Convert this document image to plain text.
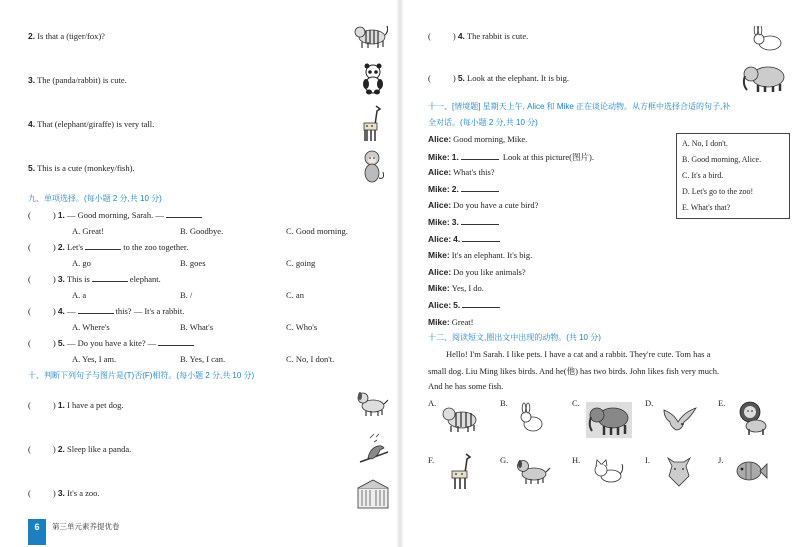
2. Is that a (tiger/fox)?
3. The (panda/rabbit) is cute.
4. That (elephant/giraffe) is very tall.
5. This is a cute (monkey/fish).
九、单项选择。(每小题 2 分,共 10 分)
(	) 1. — Good morning, Sarah. —
A. Great!	B. Goodbye.	C. Good morning.
(	) 2. Let's	to the zoo together.
A. go	B. goes	C. going
(	) 3. This is	elephant.
A. a	B. /	C. an
(	) 4. —	this? — It's a rabbit.
A. Where's	B. What's	C. Who's
(	) 5. — Do you have a kite? —
A. Yes, I am.	B. Yes, I can.	C. No, I don't.
十、判断下列句子与图片是(T)否(F)相符。(每小题 2 分,共 10 分)
(	) 1. I have a pet dog.
(	) 2. Sleep like a panda.
(	) 3. It's a zoo.
6	第三单元素养提优卷
(	) 4. The rabbit is cute.
(	) 5. Look at the elephant. It is big.
十一、[情境题] 星期天上午, Alice 和 Mike 正在谈论动物。从方框中选择合适的句子,补
全对话。(每小题 2 分,共 10 分)
Alice: Good morning, Mike.
Mike: 1.	Look at this picture(图片).
Alice: What's this?
Mike: 2.
Alice: Do you have a cute bird?
Mike: 3.
Alice: 4.
Mike: It's an elephant. It's big.
Alice: Do you like animals?
Mike: Yes, I do.
Alice: 5.
Mike: Great!
A. No, I don't.
B. Good morning, Alice.
C. It's a bird.
D. Let's go to the zoo!
E. What's that?
十二、阅读短文,圈出文中出现的动物。(共 10 分)
Hello! I'm Sarah. I like pets. I have a cat and a rabbit. They're cute. Tom has a
small dog. Liu Ming likes birds. And he(他) has two birds. John likes fish very much.
And he has some fish.
A.	B.	C.	D.	E.
F.	G.	H.	I.	J.
